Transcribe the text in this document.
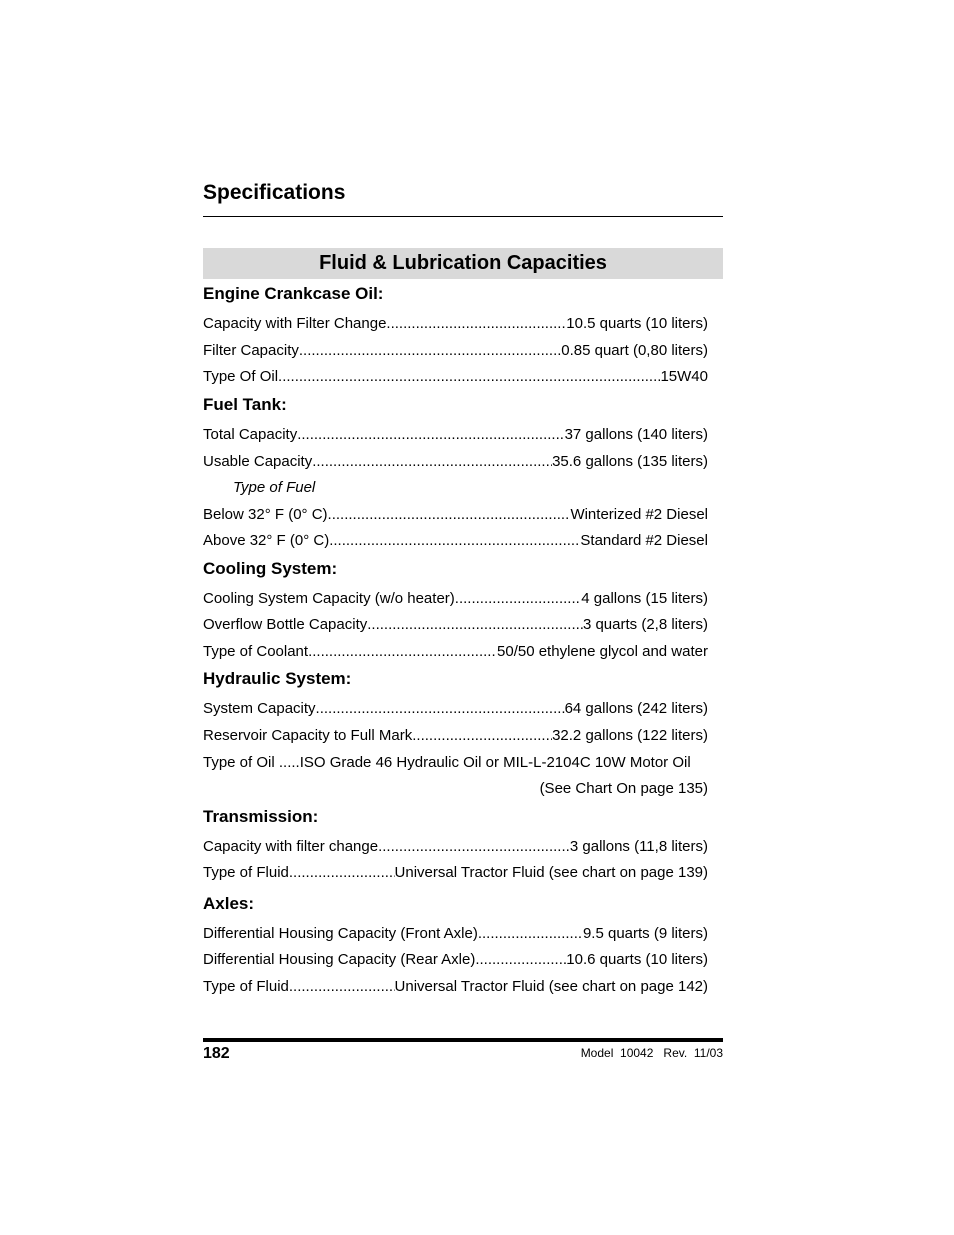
Specifications
Fluid & Lubrication Capacities
Engine Crankcase Oil:
Capacity with Filter Change .....	10.5 quarts (10 liters)
Filter Capacity .....	0.85 quart (0,80 liters)
Type Of Oil .....	15W40
Fuel Tank:
Total Capacity .....	37 gallons (140 liters)
Usable Capacity .....	35.6 gallons (135 liters)
Type of Fuel
Below 32° F (0° C) .....	Winterized #2 Diesel
Above 32° F (0° C) .....	Standard #2 Diesel
Cooling System:
Cooling System Capacity (w/o heater) .....	4 gallons (15 liters)
Overflow Bottle Capacity .....	3 quarts (2,8 liters)
Type of Coolant .....	50/50 ethylene glycol and water
Hydraulic System:
System Capacity .....	64 gallons (242 liters)
Reservoir Capacity to Full Mark .....	32.2 gallons (122 liters)
Type of Oil .....ISO Grade 46 Hydraulic Oil or MIL-L-2104C 10W Motor Oil
(See Chart On page 135)
Transmission:
Capacity with filter change .....	3 gallons (11,8 liters)
Type of Fluid .....	Universal Tractor Fluid (see chart on page 139)
Axles:
Differential Housing Capacity (Front Axle) .....	9.5 quarts (9 liters)
Differential Housing Capacity (Rear Axle) .....	10.6 quarts (10 liters)
Type of Fluid .....	Universal Tractor Fluid (see chart on page 142)
182	Model  10042   Rev.  11/03
